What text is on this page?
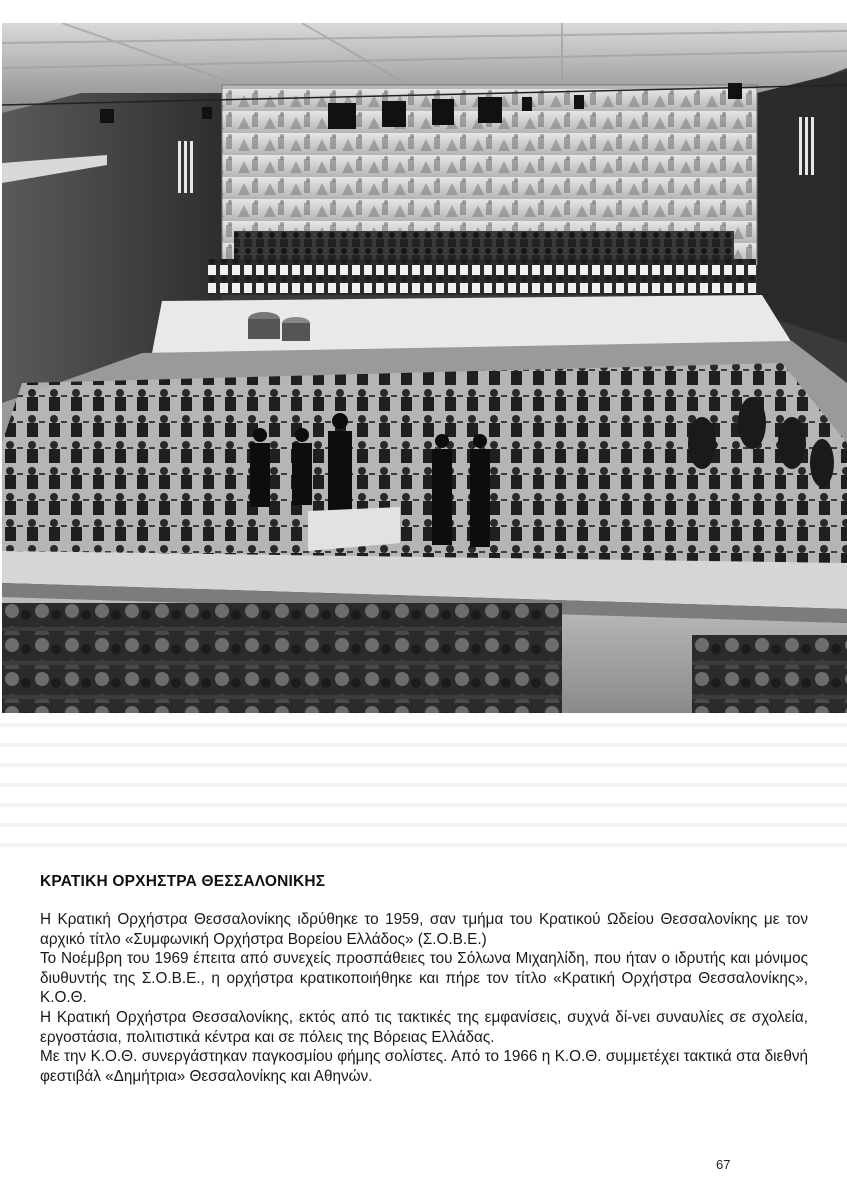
ΚΡΑΤΙΚΗ ΟΡΧΗΣΤΡΑ ΘΕΣΣΑΛΟΝΙΚΗΣ

Η Κρατική Ορχήστρα Θεσσαλονίκης ιδρύθηκε το 1959, σαν τμήμα του Κρατικού Ωδείου Θεσσαλονίκης με τον αρχικό τίτλο «Συμφωνική Ορχήστρα Βορείου Ελλάδος» (Σ.Ο.Β.Ε.)

Το Νοέμβρη του 1969 έπειτα από συνεχείς προσπάθειες του Σόλωνα Μιχαηλίδη, που ήταν ο ιδρυτής και μόνιμος διυθυντής της Σ.Ο.Β.Ε., η ορχήστρα κρατικοποιήθηκε και πήρε τον τίτλο «Κρατική Ορχήστρα Θεσσαλονίκης», Κ.Ο.Θ.

Η Κρατική Ορχήστρα Θεσσαλονίκης, εκτός από τις τακτικές της εμφανίσεις, συχνά δί-νει συναυλίες σε σχολεία, εργοστάσια, πολιτιστικά κέντρα και σε πόλεις της Βόρειας Ελλάδας.

Με την Κ.Ο.Θ. συνεργάστηκαν παγκοσμίου φήμης σολίστες. Από το 1966 η Κ.Ο.Θ. συμμετέχει τακτικά στα διεθνή φεστιβάλ «Δημήτρια» Θεσσαλονίκης και Αθηνών.

67
